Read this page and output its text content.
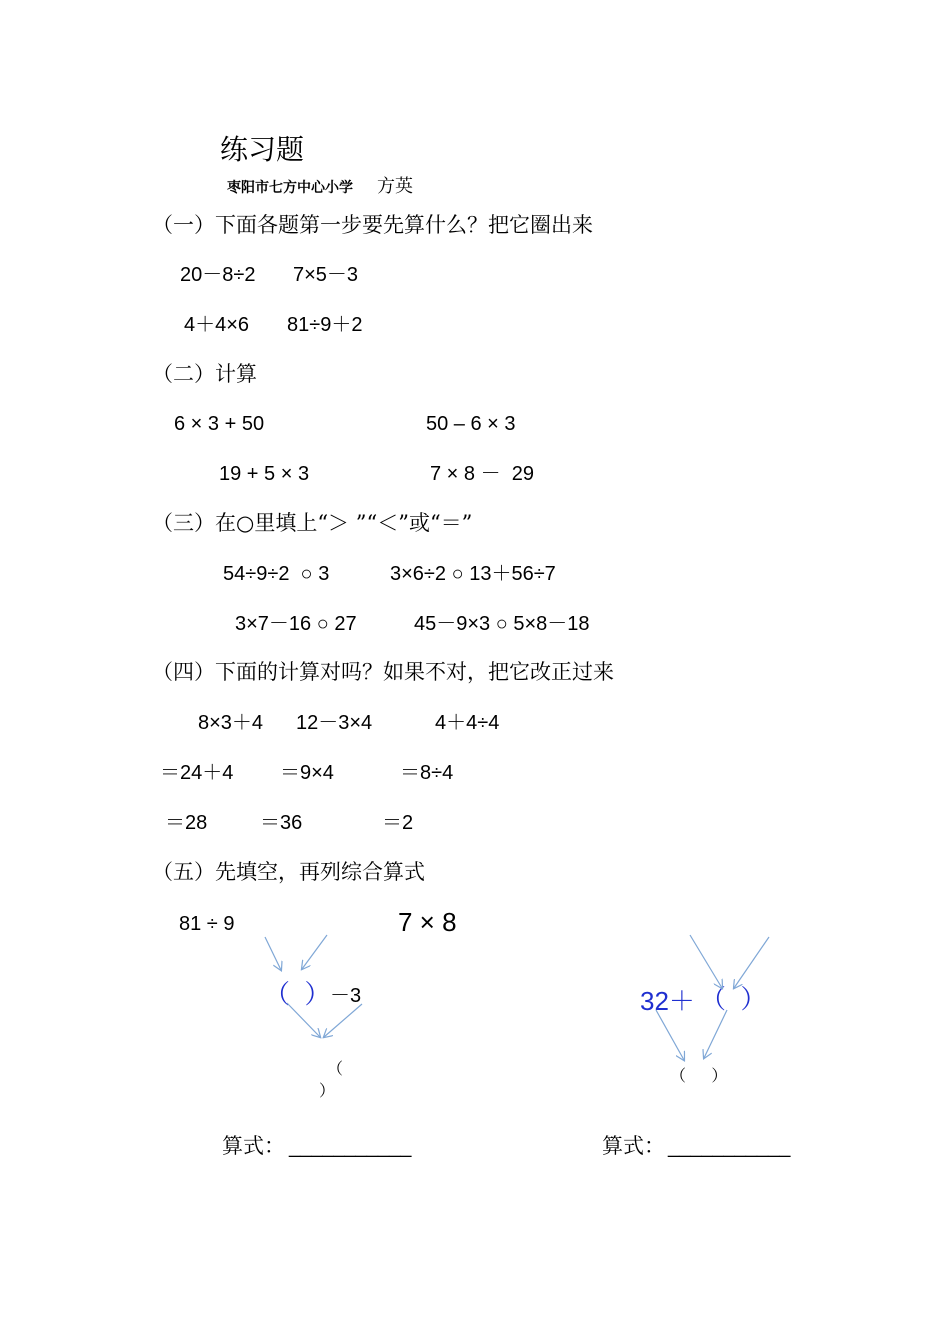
练习题
枣阳市七方中心小学 方英
（一）下面各题第一步要先算什么？把它圈出来
20－8÷2 7×5－3
4＋4×6 81÷9＋2
（二）计算
6 × 3 + 50	50 – 6 × 3
19 + 5 × 3	7 × 8 －  29
（三）在○里填上“＞ ”“＜”或“＝”
54÷9÷2  ○ 3	3×6÷2 ○ 13＋56÷7
3×7－16 ○ 27	45－9×3 ○ 5×8－18
（四）下面的计算对吗？如果不对，把它改正过来
8×3＋4 12－3×4	4＋4÷4
＝24＋4 ＝9×4	＝8÷4
＝28	＝36	＝2
（五）先填空，再列综合算式
81 ÷ 9
（  ） －3
（
）
算式： ___________
7 × 8
32＋ （  ）
（     ）
算式： ___________
